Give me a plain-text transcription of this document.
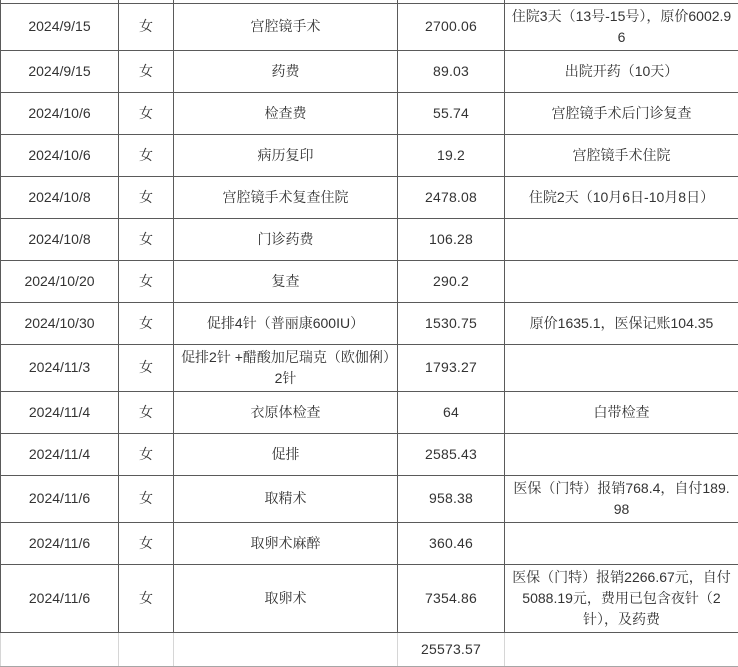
2024/9/15	女	宫腔镜手术	2700.06	住院3天（13号-15号），原价6002.96
2024/9/15	女	药费	89.03	出院开药（10天）
2024/10/6	女	检查费	55.74	宫腔镜手术后门诊复查
2024/10/6	女	病历复印	19.2	宫腔镜手术住院
2024/10/8	女	宫腔镜手术复查住院	2478.08	住院2天（10月6日-10月8日）
2024/10/8	女	门诊药费	106.28	
2024/10/20	女	复查	290.2	
2024/10/30	女	促排4针（普丽康600IU）	1530.75	原价1635.1，医保记账104.35
2024/11/3	女	促排2针 +醋酸加尼瑞克（欧伽俐）2针	1793.27	
2024/11/4	女	衣原体检查	64	白带检查
2024/11/4	女	促排	2585.43	
2024/11/6	女	取精术	958.38	医保（门特）报销768.4，自付189.98
2024/11/6	女	取卵术麻醉	360.46	
2024/11/6	女	取卵术	7354.86	医保（门特）报销2266.67元，自付5088.19元，费用已包含夜针（2针），及药费
			25573.57	
